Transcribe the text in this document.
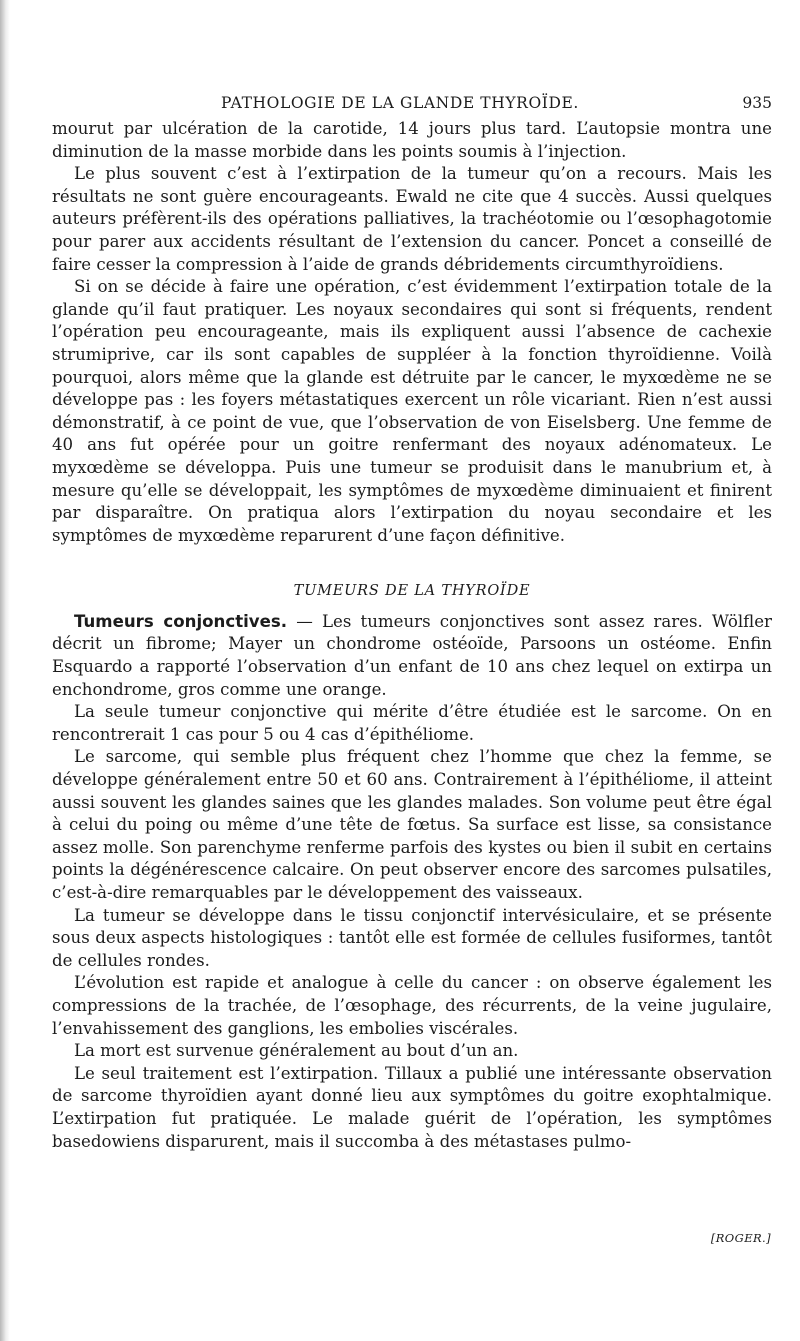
PATHOLOGIE DE LA GLANDE THYROÏDE.	935

mourut par ulcération de la carotide, 14 jours plus tard. L’autopsie montra une diminution de la masse morbide dans les points soumis à l’injection.

Le plus souvent c’est à l’extirpation de la tumeur qu’on a recours. Mais les résultats ne sont guère encourageants. Ewald ne cite que 4 succès. Aussi quelques auteurs préfèrent-ils des opérations palliatives, la trachéotomie ou l’œsophagotomie pour parer aux accidents résultant de l’extension du cancer. Poncet a conseillé de faire cesser la compression à l’aide de grands débridements circumthyroïdiens.

Si on se décide à faire une opération, c’est évidemment l’extirpation totale de la glande qu’il faut pratiquer. Les noyaux secondaires qui sont si fréquents, rendent l’opération peu encourageante, mais ils expliquent aussi l’absence de cachexie strumiprive, car ils sont capables de suppléer à la fonction thyroïdienne. Voilà pourquoi, alors même que la glande est détruite par le cancer, le myxœdème ne se développe pas : les foyers métastatiques exercent un rôle vicariant. Rien n’est aussi démonstratif, à ce point de vue, que l’observation de von Eiselsberg. Une femme de 40 ans fut opérée pour un goitre renfermant des noyaux adénomateux. Le myxœdème se développa. Puis une tumeur se produisit dans le manubrium et, à mesure qu’elle se développait, les symptômes de myxœdème diminuaient et finirent par disparaître. On pratiqua alors l’extirpation du noyau secondaire et les symptômes de myxœdème reparurent d’une façon définitive.

TUMEURS DE LA THYROÏDE

Tumeurs conjonctives. — Les tumeurs conjonctives sont assez rares. Wölfler décrit un fibrome; Mayer un chondrome ostéoïde, Parsoons un ostéome. Enfin Esquardo a rapporté l’observation d’un enfant de 10 ans chez lequel on extirpa un enchondrome, gros comme une orange.

La seule tumeur conjonctive qui mérite d’être étudiée est le sarcome. On en rencontrerait 1 cas pour 5 ou 4 cas d’épithéliome.

Le sarcome, qui semble plus fréquent chez l’homme que chez la femme, se développe généralement entre 50 et 60 ans. Contrairement à l’épithéliome, il atteint aussi souvent les glandes saines que les glandes malades. Son volume peut être égal à celui du poing ou même d’une tête de fœtus. Sa surface est lisse, sa consistance assez molle. Son parenchyme renferme parfois des kystes ou bien il subit en certains points la dégénérescence calcaire. On peut observer encore des sarcomes pulsatiles, c’est-à-dire remarquables par le développement des vaisseaux.

La tumeur se développe dans le tissu conjonctif intervésiculaire, et se présente sous deux aspects histologiques : tantôt elle est formée de cellules fusiformes, tantôt de cellules rondes.

L’évolution est rapide et analogue à celle du cancer : on observe également les compressions de la trachée, de l’œsophage, des récurrents, de la veine jugulaire, l’envahissement des ganglions, les embolies viscérales.

La mort est survenue généralement au bout d’un an.

Le seul traitement est l’extirpation. Tillaux a publié une intéressante observation de sarcome thyroïdien ayant donné lieu aux symptômes du goitre exophtalmique. L’extirpation fut pratiquée. Le malade guérit de l’opération, les symptômes basedowiens disparurent, mais il succomba à des métastases pulmo-

[ROGER.]
